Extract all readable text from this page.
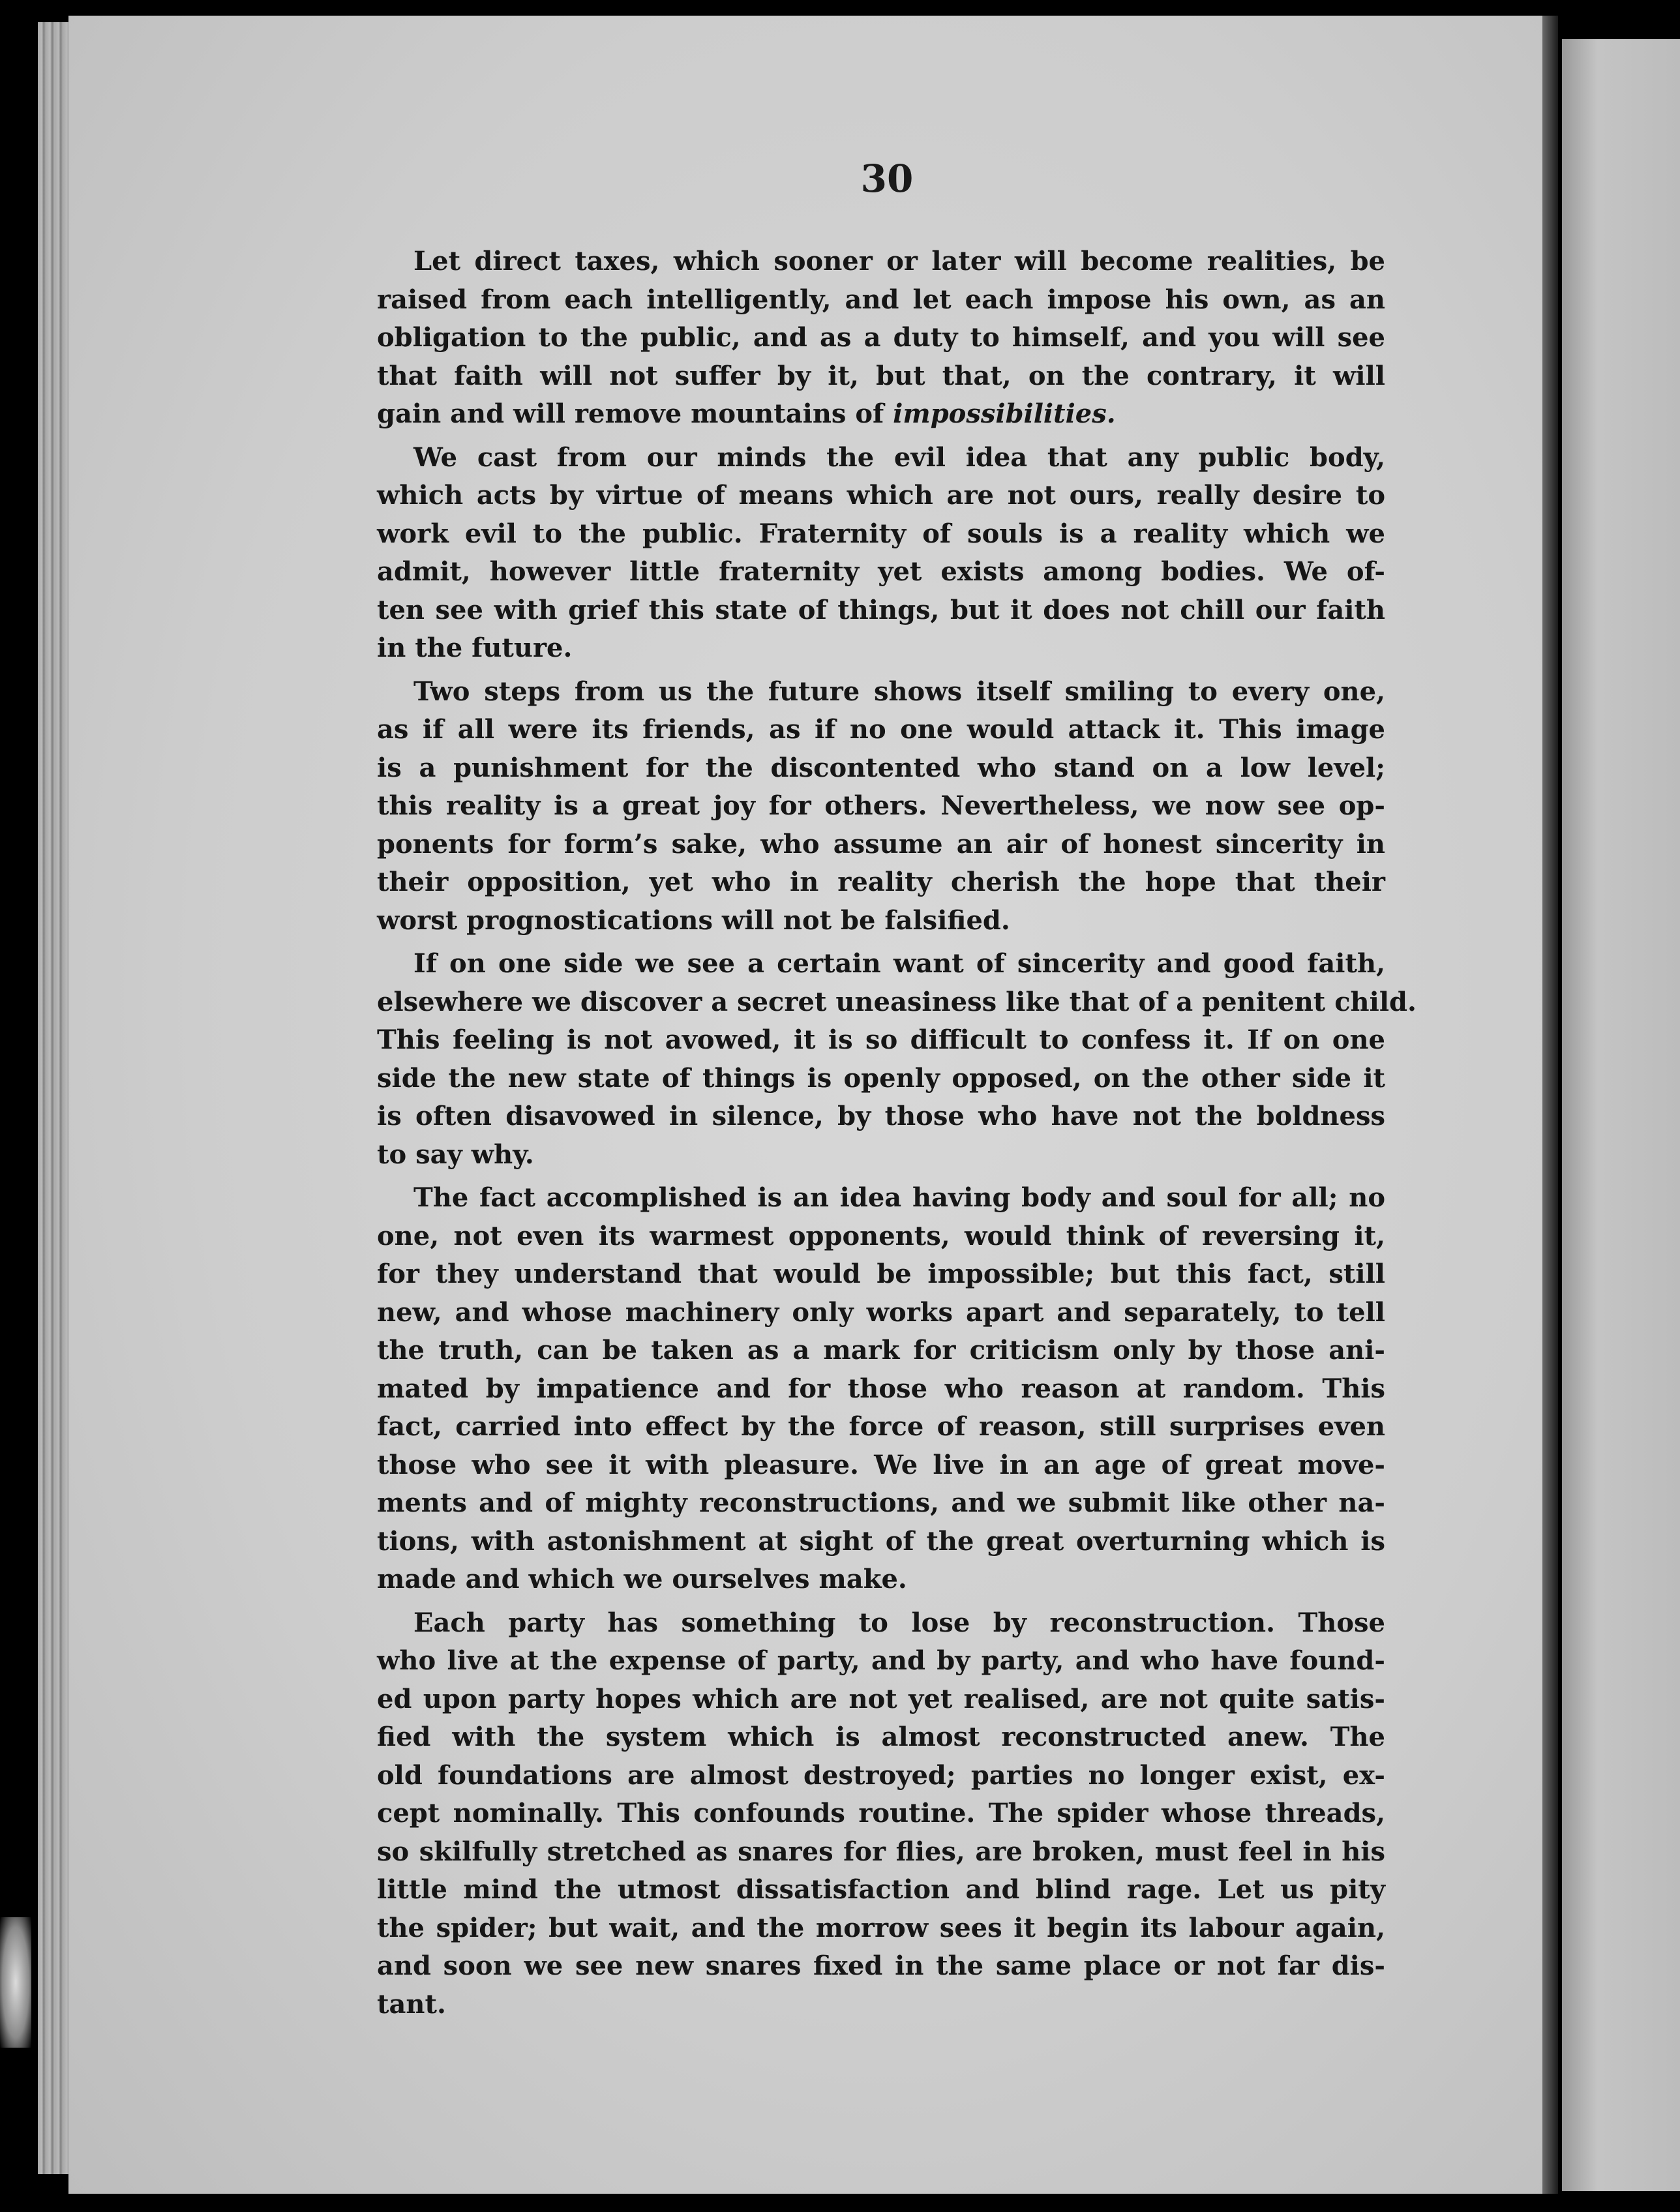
30
Let direct taxes, which sooner or later will become realities, be
raised from each intelligently, and let each impose his own, as an
obligation to the public, and as a duty to himself, and you will see
that faith will not suffer by it, but that, on the contrary, it will
gain and will remove mountains of impossibilities.
We cast from our minds the evil idea that any public body,
which acts by virtue of means which are not ours, really desire to
work evil to the public. Fraternity of souls is a reality which we
admit, however little fraternity yet exists among bodies. We of-
ten see with grief this state of things, but it does not chill our faith
in the future.
Two steps from us the future shows itself smiling to every one,
as if all were its friends, as if no one would attack it. This image
is a punishment for the discontented who stand on a low level;
this reality is a great joy for others. Nevertheless, we now see op-
ponents for form’s sake, who assume an air of honest sincerity in
their opposition, yet who in reality cherish the hope that their
worst prognostications will not be falsified.
If on one side we see a certain want of sincerity and good faith,
elsewhere we discover a secret uneasiness like that of a penitent child.
This feeling is not avowed, it is so difficult to confess it. If on one
side the new state of things is openly opposed, on the other side it
is often disavowed in silence, by those who have not the boldness
to say why.
The fact accomplished is an idea having body and soul for all; no
one, not even its warmest opponents, would think of reversing it,
for they understand that would be impossible; but this fact, still
new, and whose machinery only works apart and separately, to tell
the truth, can be taken as a mark for criticism only by those ani-
mated by impatience and for those who reason at random. This
fact, carried into effect by the force of reason, still surprises even
those who see it with pleasure. We live in an age of great move-
ments and of mighty reconstructions, and we submit like other na-
tions, with astonishment at sight of the great overturning which is
made and which we ourselves make.
Each party has something to lose by reconstruction. Those
who live at the expense of party, and by party, and who have found-
ed upon party hopes which are not yet realised, are not quite satis-
fied with the system which is almost reconstructed anew. The
old foundations are almost destroyed; parties no longer exist, ex-
cept nominally. This confounds routine. The spider whose threads,
so skilfully stretched as snares for flies, are broken, must feel in his
little mind the utmost dissatisfaction and blind rage. Let us pity
the spider; but wait, and the morrow sees it begin its labour again,
and soon we see new snares fixed in the same place or not far dis-
tant.
